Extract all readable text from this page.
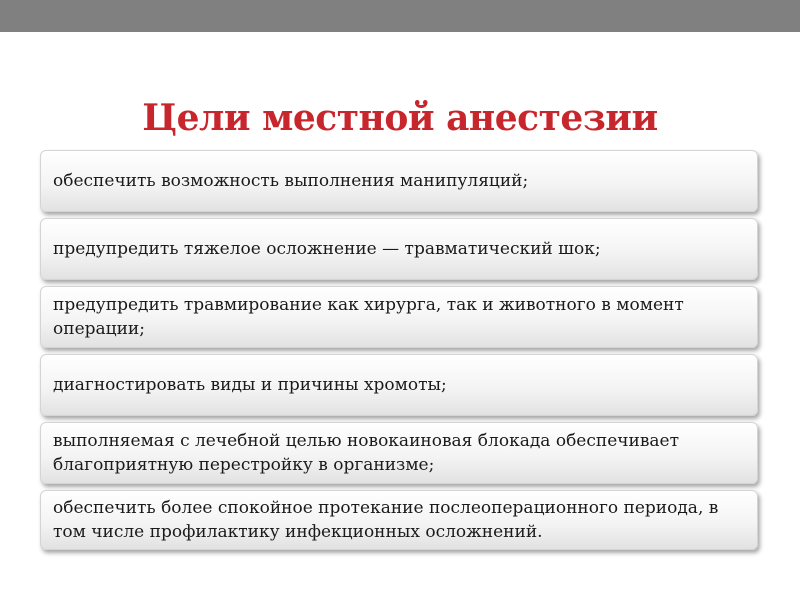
Цели местной анестезии
обеспечить возможность выполнения манипуляций;
предупредить тяжелое осложнение — травматический шок;
предупредить травмирование как хирурга, так и животного в момент операции;
диагностировать виды и причины хромоты;
выполняемая с лечебной целью новокаиновая блокада обеспечивает благоприятную перестройку в организме;
обеспечить более спокойное протекание послеоперационного периода, в том числе профилактику инфекционных осложнений.
